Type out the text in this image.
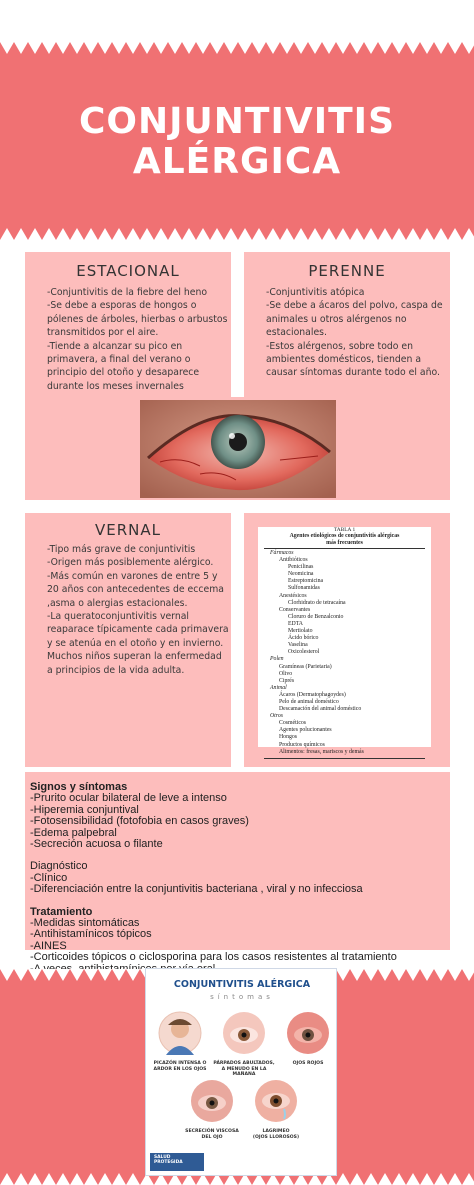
CONJUNTIVITIS
ALÉRGICA
ESTACIONAL
-Conjuntivitis de la fiebre del heno
-Se debe a esporas de hongos o pólenes de árboles, hierbas o arbustos transmitidos por el aire.
-Tiende a alcanzar su pico en primavera, a final del verano o principio del otoño y desaparece durante los meses invernales
PERENNE
-Conjuntivitis atópica
-Se debe a ácaros del polvo, caspa de animales u otros alérgenos no estacionales.
-Estos alérgenos, sobre todo en ambientes domésticos, tienden a causar síntomas durante todo el año.
VERNAL
-Tipo más grave de conjuntivitis
-Origen más posiblemente alérgico.
-Más común en varones de entre 5 y 20 años con antecedentes de eccema ,asma o alergias estacionales.
-La queratoconjuntivitis vernal reaparace típicamente cada primavera y se atenúa en el otoño y en invierno. Muchos niños superan la enfermedad a principios de la vida adulta.
TABLA 1
Agentes etiológicos de conjuntivitis alérgicas
más frecuentes
Fármacos
Antibióticos
Penicilinas
Neomicina
Estreptomicina
Sulfonamidas
Anestésicos
Clorhidrato de tetracaína
Conservantes
Cloruro de Benzalconio
EDTA
Mertiolato
Ácido bórico
Vaselina
Oxicolesterol
Polen
Gramíneas (Parietaria)
Olivo
Ciprés
Animal
Ácaros (Dermatophagoydes)
Pelo de animal doméstico
Descamación del animal doméstico
Otros
Cosméticos
Agentes polucionantes
Hongos
Productos químicos
Alimentos: fresas, mariscos y demás
Signos y síntomas
-Prurito ocular bilateral de leve a intenso
-Hiperemia conjuntival
-Fotosensibilidad (fotofobia en casos graves)
-Edema palpebral
-Secreción acuosa o filante
Diagnóstico
-Clínico
-Diferenciación entre la conjuntivitis bacteriana , viral y no infecciosa
Tratamiento
-Medidas sintomáticas
-Antihistamínicos tópicos
-AINES
-Corticoides tópicos o ciclosporina para los casos resistentes al tratamiento

CONJUNTIVITIS ALÉRGICA
síntomas
PICAZÓN INTENSA O
ARDOR EN LOS OJOS
PÁRPADOS ABULTADOS,
A MENUDO EN LA MAÑANA
OJOS ROJOS
SECRECIÓN VISCOSA
DEL OJO
LAGRIMEO
(OJOS LLOROSOS)
SALUD
PROTEGIDA
